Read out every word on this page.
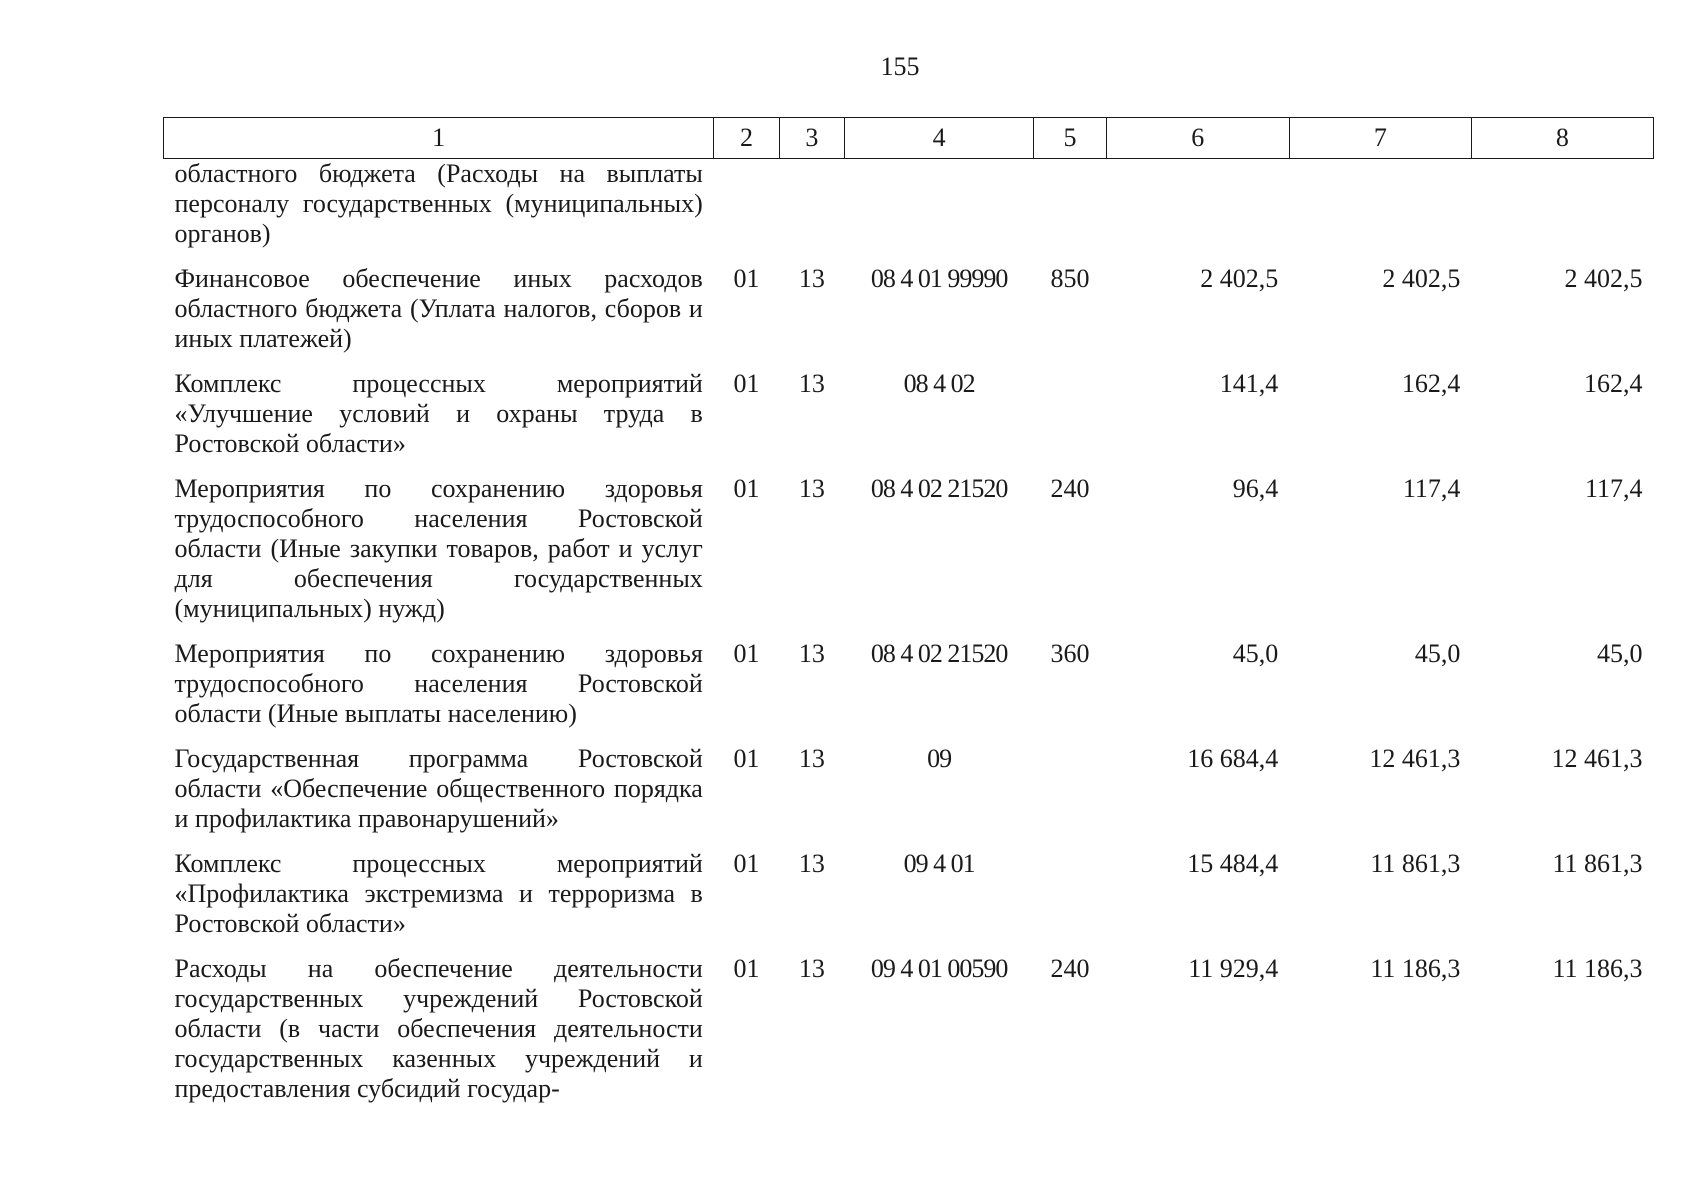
155
1	2	3	4	5	6	7	8
областного бюджета (Расходы на выплаты персоналу государственных (муниципальных) органов)							
Финансовое обеспечение иных расходов областного бюджета (Уплата налогов, сборов и иных платежей)	01	13	08 4 01 99990	850	2 402,5	2 402,5	2 402,5
Комплекс процессных мероприятий «Улучшение условий и охраны труда в Ростовской области»	01	13	08 4 02		141,4	162,4	162,4
Мероприятия по сохранению здоровья трудоспособного населения Ростовской области (Иные закупки товаров, работ и услуг для обеспечения государственных (муниципальных) нужд)	01	13	08 4 02 21520	240	96,4	117,4	117,4
Мероприятия по сохранению здоровья трудоспособного населения Ростовской области (Иные выплаты населению)	01	13	08 4 02 21520	360	45,0	45,0	45,0
Государственная программа Ростовской области «Обеспечение общественного порядка и профилактика правонарушений»	01	13	09		16 684,4	12 461,3	12 461,3
Комплекс процессных мероприятий «Профилактика экстремизма и терроризма в Ростовской области»	01	13	09 4 01		15 484,4	11 861,3	11 861,3
Расходы на обеспечение деятельности государственных учреждений Ростовской области (в части обеспечения деятельности государственных казенных учреждений и предоставления субсидий государ-	01	13	09 4 01 00590	240	11 929,4	11 186,3	11 186,3
